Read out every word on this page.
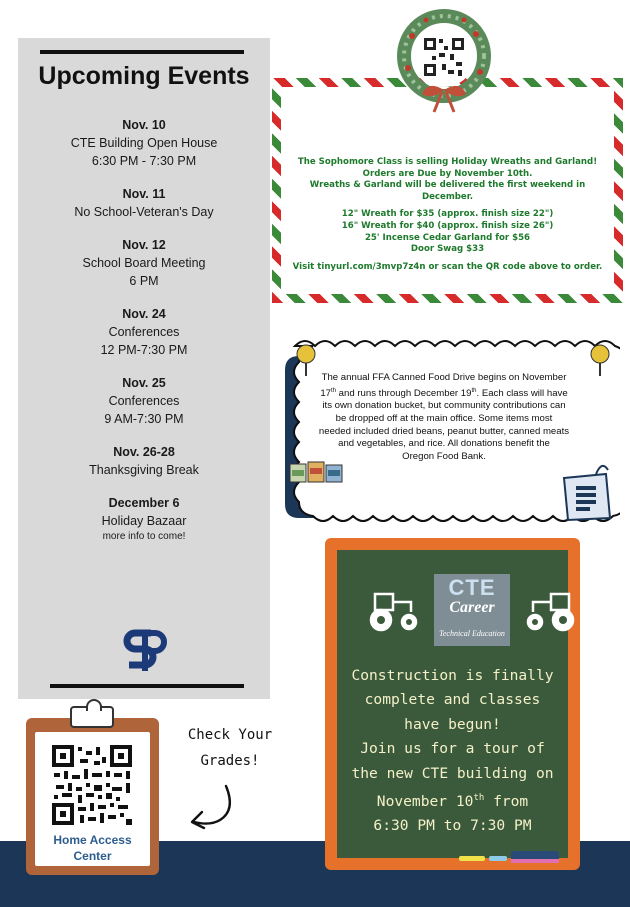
Upcoming Events
Nov. 10
CTE Building Open House
6:30 PM - 7:30 PM
Nov. 11
No School-Veteran's Day
Nov. 12
School Board Meeting
6 PM
Nov. 24
Conferences
12 PM-7:30 PM
Nov. 25
Conferences
9 AM-7:30 PM
Nov. 26-28
Thanksgiving Break
December 6
Holiday Bazaar
more info to come!
The Sophomore Class is selling Holiday Wreaths and Garland!
Orders are Due by November 10th.
Wreaths & Garland will be delivered the first weekend in
December.
12" Wreath for $35 (approx. finish size 22")
16" Wreath for $40 (approx. finish size 26")
25' Incense Cedar Garland for $56
Door Swag $33
Visit tinyurl.com/3mvp7z4n or scan the QR code above to order.
The annual FFA Canned Food Drive begins on November
17th and runs through December 19th. Each class will have
its own donation bucket, but community contributions can
be dropped off at the main office. Some items most
needed included dried beans, peanut butter, canned meats
and vegetables, and rice. All donations benefit the
Oregon Food Bank.
Home Access
Center
Check Your
Grades!
CTE
Career
Technical Education
Construction is finally
complete and classes
have begun!
Join us for a tour of
the new CTE building on
November 10th from
6:30 PM to 7:30 PM
